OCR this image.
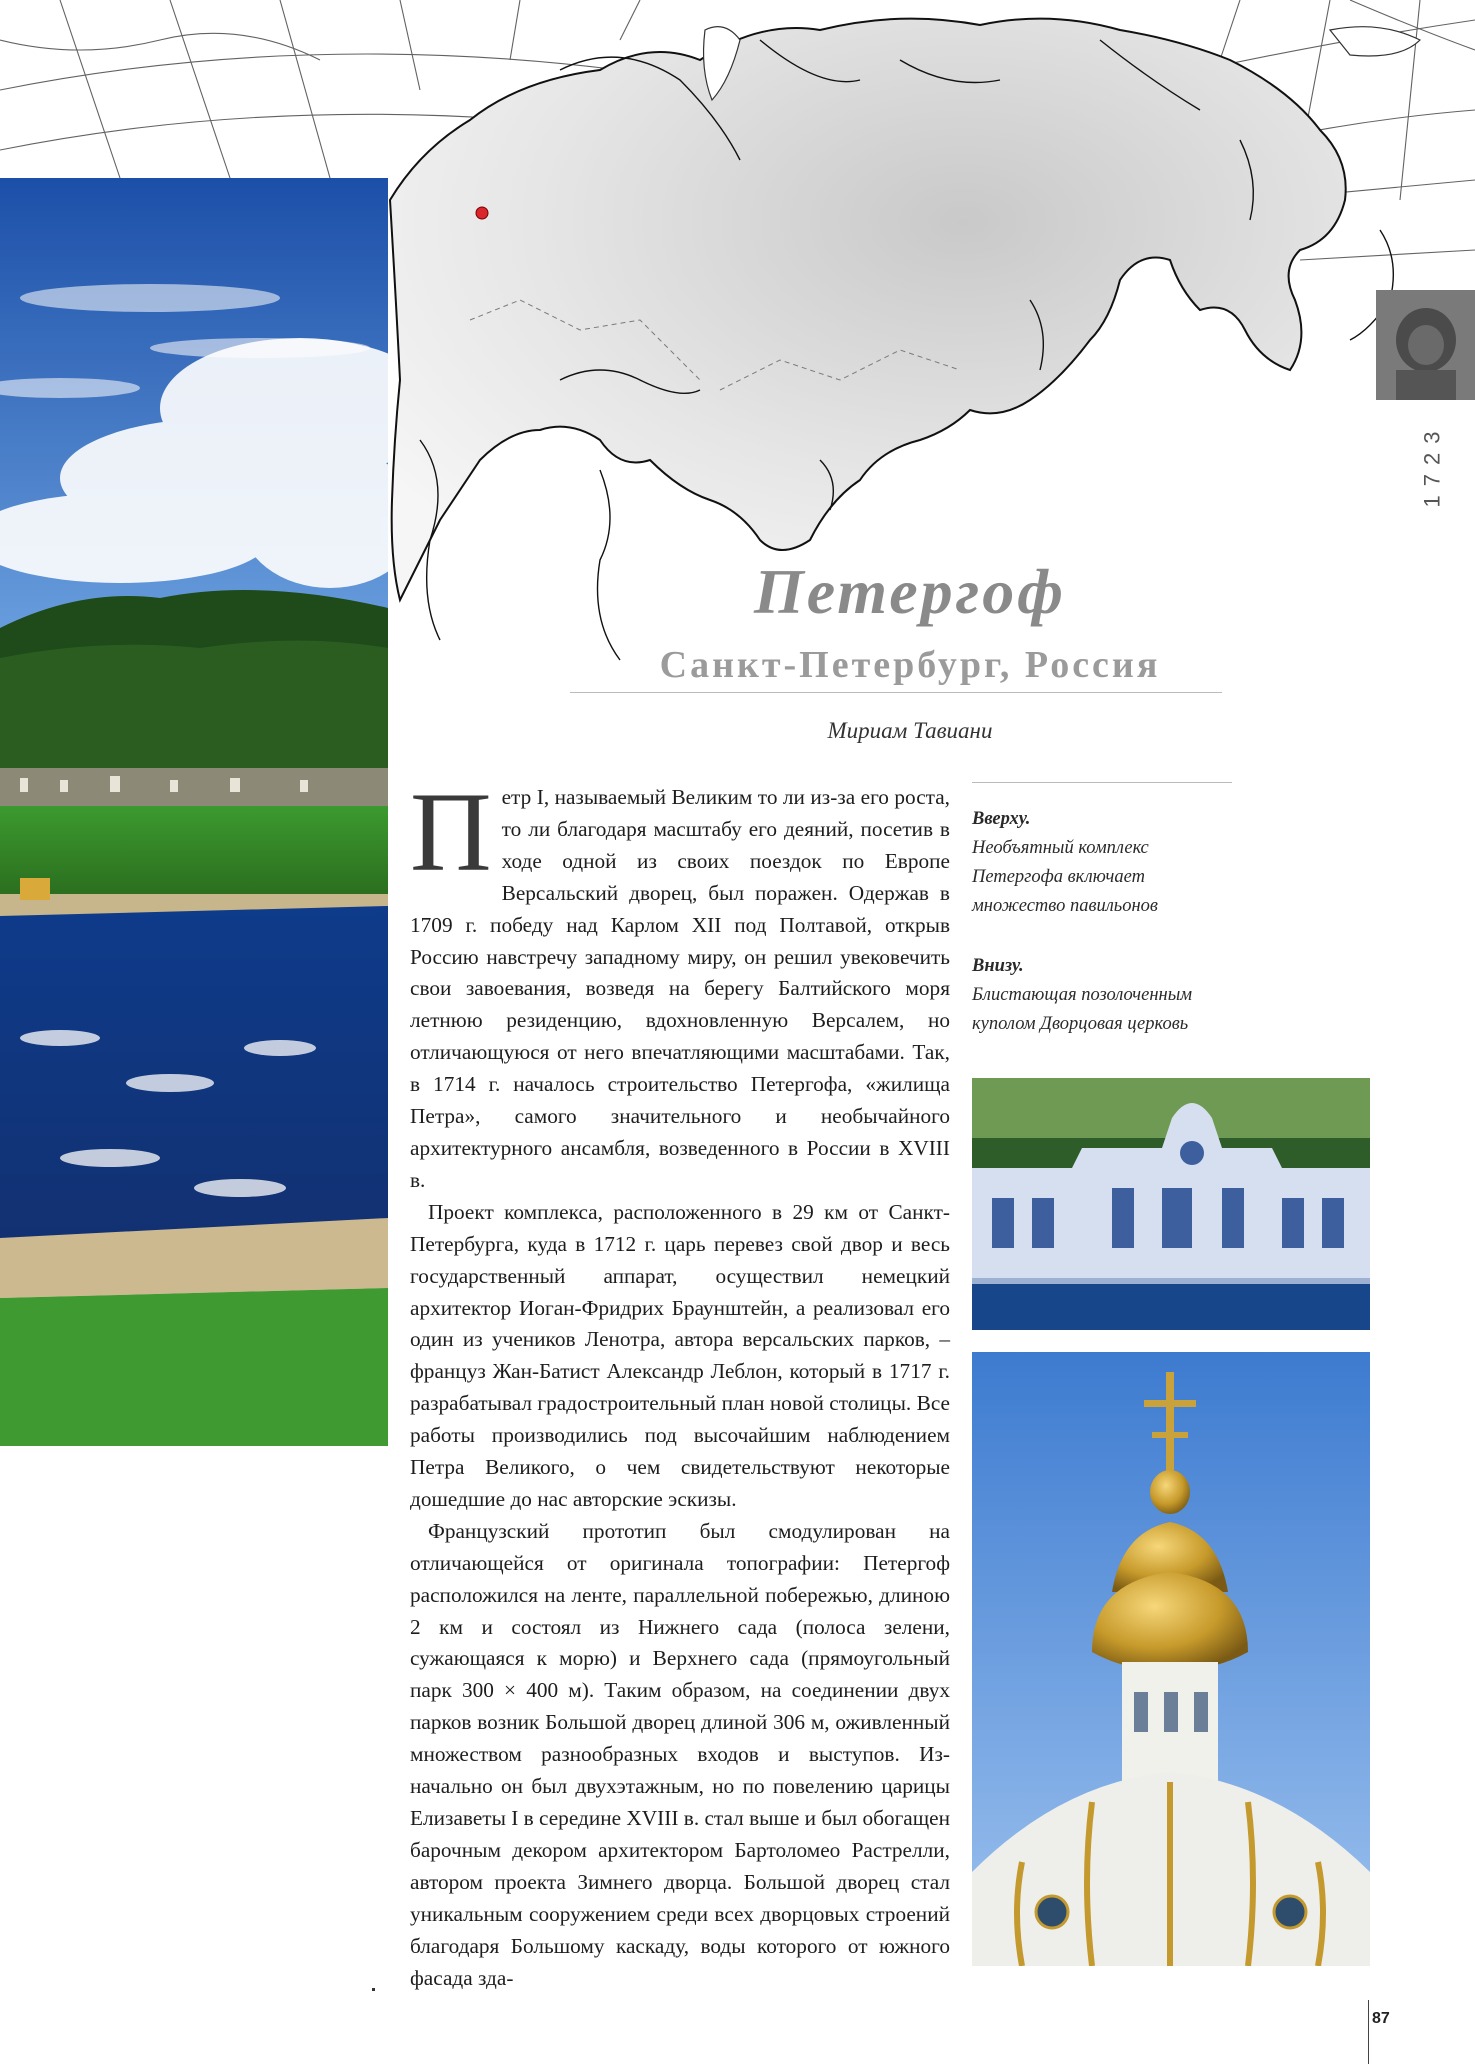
1723
Петергоф
Санкт-Петербург, Россия
Мириам Тавиани

Петр I, называемый Великим то ли из-за его роста, то ли благодаря масштабу его деяний, посетив в ходе одной из своих поездок по Европе Версальский дворец, был поражен. Одержав в 1709 г. победу над Карлом XII под Полтавой, открыв Россию навстречу западному миру, он решил увековечить свои завоевания, возведя на берегу Балтийского моря летнюю резиденцию, вдохновленную Версалем, но отличающуюся от него впечатляющими масштабами. Так, в 1714 г. началось строительство Петергофа, «жилища Петра», самого значительного и необычайного архитектурного ансамбля, возведенного в России в XVIII в.

Проект комплекса, расположенного в 29 км от Санкт-Петербурга, куда в 1712 г. царь перевез свой двор и весь государственный аппарат, осуществил немецкий архитектор Иоган-Фридрих Браунштейн, а реализовал его один из учеников Ленотра, автора версальских парков, – француз Жан-Батист Александр Леблон, который в 1717 г. разрабатывал градостроительный план новой столицы. Все работы производились под высочайшим наблюдением Петра Великого, о чем свидетельствуют некоторые дошедшие до нас авторские эскизы.

Французский прототип был смодулирован на отличающейся от оригинала топографии: Петергоф расположился на ленте, параллельной побережью, длиною 2 км и состоял из Нижнего сада (полоса зелени, сужающаяся к морю) и Верхнего сада (прямоугольный парк 300 × 400 м). Таким образом, на соединении двух парков возник Большой дворец длиной 306 м, оживленный множеством разнообразных входов и выступов. Из-начально он был двухэтажным, но по повелению царицы Елизаветы I в середине XVIII в. стал выше и был обогащен барочным декором архитектором Бартоломео Растрелли, автором проекта Зимнего дворца. Большой дворец стал уникальным сооружением среди всех дворцовых строений благодаря Большому каскаду, воды которого от южного фасада зда-

Вверху.
Необъятный комплекс Петергофа включает множество павильонов
Внизу.
Блистающая позолоченным куполом Дворцовая церковь
87
